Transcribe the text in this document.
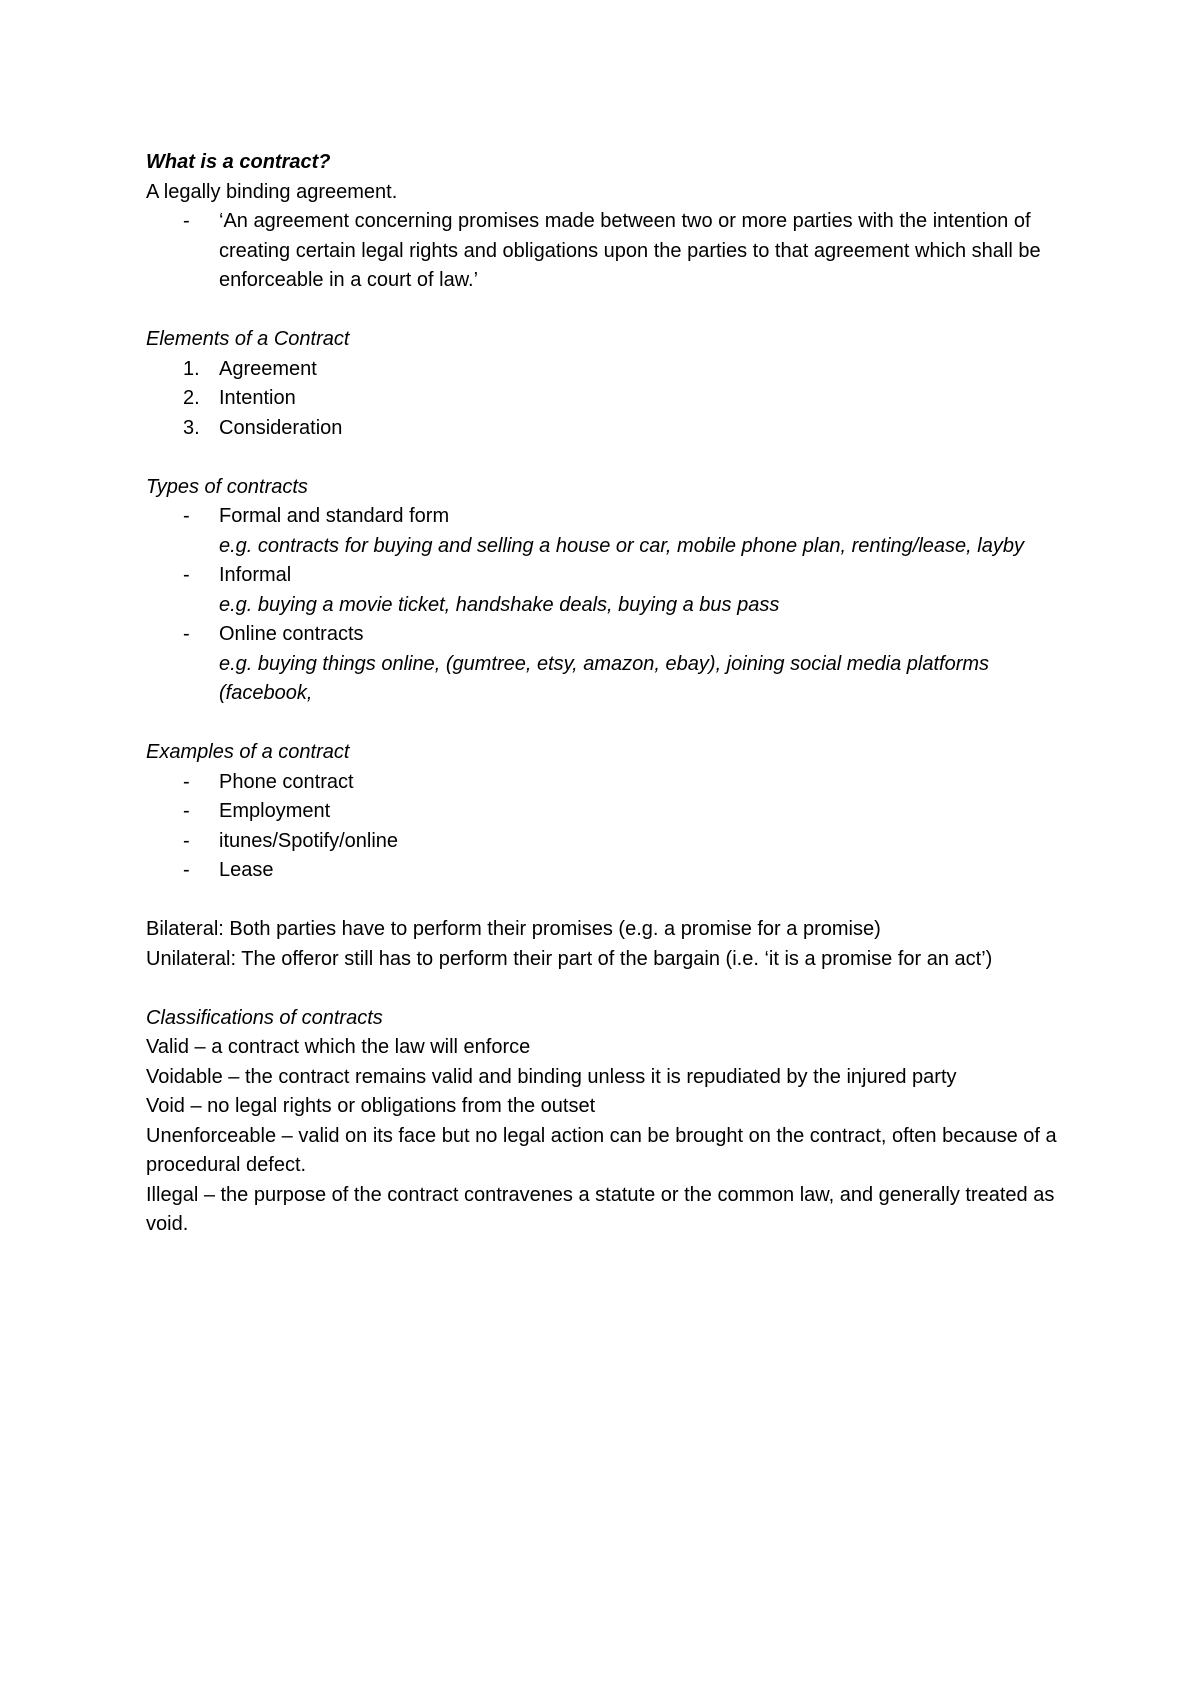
What is a contract?
A legally binding agreement.
- ‘An agreement concerning promises made between two or more parties with the intention of creating certain legal rights and obligations upon the parties to that agreement which shall be enforceable in a court of law.’
Elements of a Contract
1. Agreement
2. Intention
3. Consideration
Types of contracts
- Formal and standard form
e.g. contracts for buying and selling a house or car, mobile phone plan, renting/lease, layby
- Informal
e.g. buying a movie ticket, handshake deals, buying a bus pass
- Online contracts
e.g. buying things online, (gumtree, etsy, amazon, ebay), joining social media platforms (facebook,
Examples of a contract
- Phone contract
- Employment
- itunes/Spotify/online
- Lease
Bilateral: Both parties have to perform their promises (e.g. a promise for a promise)
Unilateral: The offeror still has to perform their part of the bargain (i.e. ‘it is a promise for an act’)
Classifications of contracts
Valid – a contract which the law will enforce
Voidable – the contract remains valid and binding unless it is repudiated by the injured party
Void – no legal rights or obligations from the outset
Unenforceable – valid on its face but no legal action can be brought on the contract, often because of a procedural defect.
Illegal – the purpose of the contract contravenes a statute or the common law, and generally treated as void.
